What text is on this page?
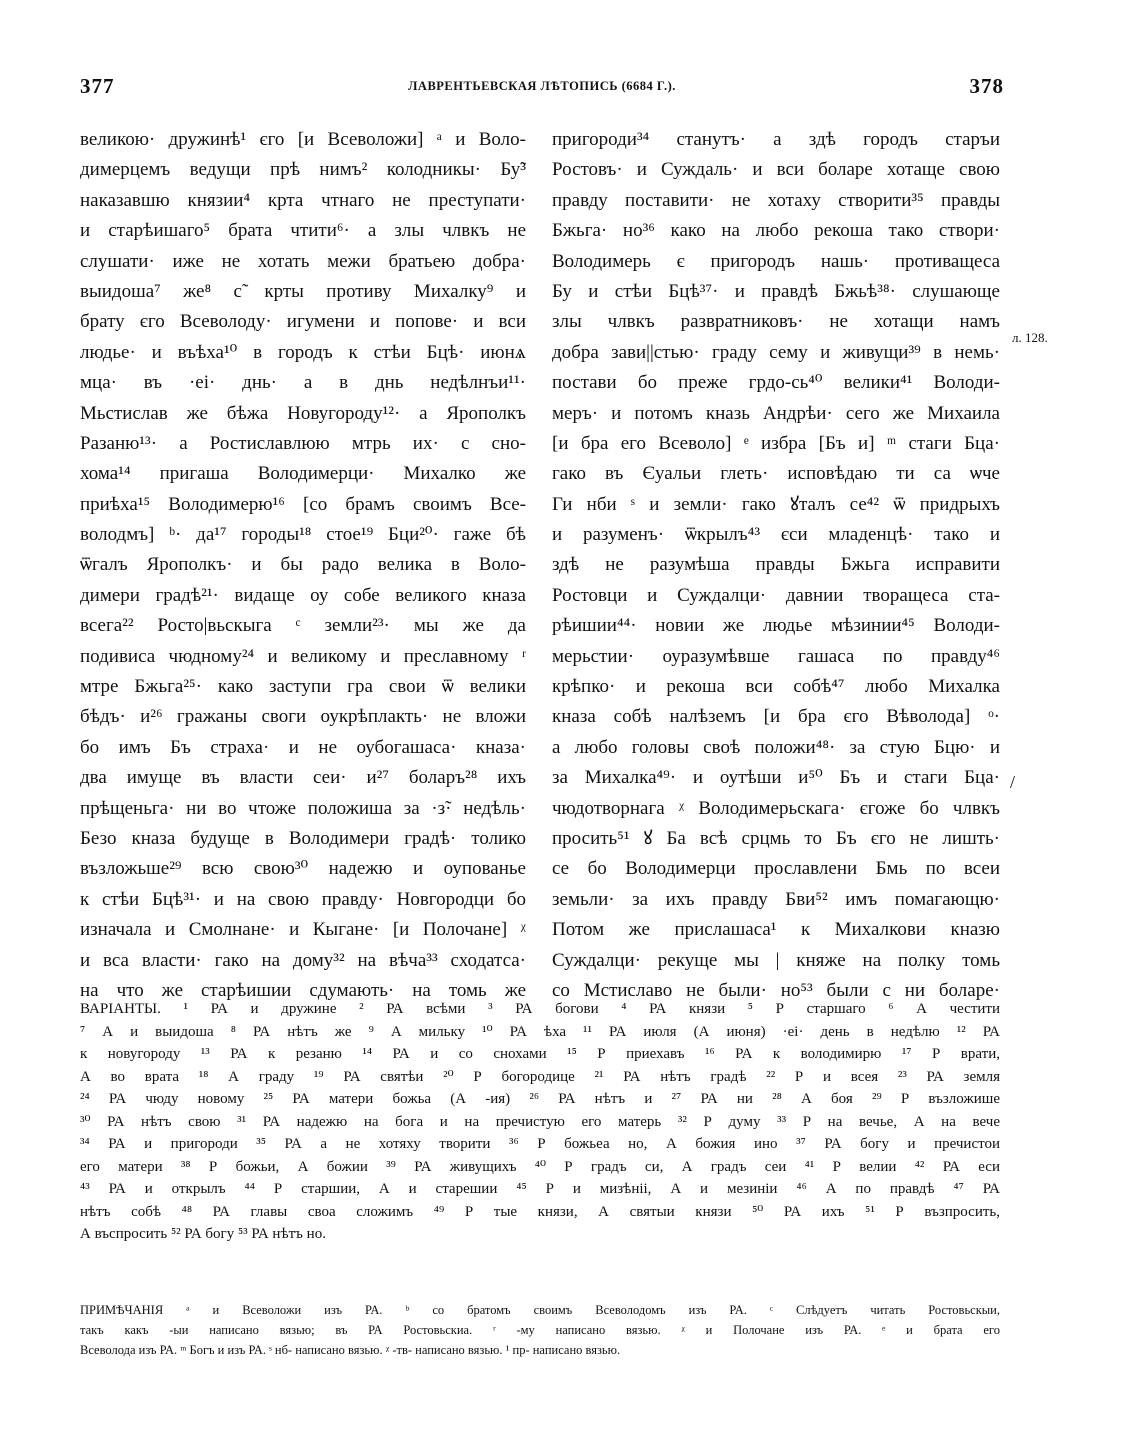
377	ЛАВРЕНТЬЕВСКАЯ ЛѢТОПИСЬ (6684 Г.).	378
великою· дружинѣ¹ єго [и Всеволожи] ᵃ и Воло-
димерцемъ ведущи прѣ нимъ² колодникы· Бу̃³
наказавшю князии⁴ крта чтнаго не преступати·
и старѣишаго⁵ брата чтити⁶· а злы члвкъ не
слушати· иже не хотать межи братьею добра·
выидоша⁷ же⁸ с̃ крты противу Михалку⁹ и
брату єго Всеволоду· игумени и попове· и вси
людье· и въѣха¹⁰ в городъ к стѣи Бцѣ· июнѧ
мца· въ ·еі· днь· а в днь недѣлнъи¹¹·
Мьстислав же бѣжа Новугороду¹²· а Ярополкъ
Разаню¹³· а Ростиславлюю мтрь их· с сно-
хома¹⁴ пригаша Володимерци· Михалко же
приѣха¹⁵ Володимерю¹⁶ [со брамъ своимъ Все-
володмъ] ᵇ· да¹⁷ городы¹⁸ стое¹⁹ Бци²⁰· гаже бѣ
ѿгалъ Ярополкъ· и бы радо велика в Воло-
димери градѣ²¹· видаще оу собе великого кназа
всега²² Росто|вьскыга ᶜ земли²³· мы же да
подивиса чюдному²⁴ и великому и преславному ʳ
мтре Бжьга²⁵· како заступи гра свои ѿ велики
бѣдъ· и²⁶ гражаны своги оукрѣплакть· не вложи
бо имъ Бъ страха· и не оубогашаса· кназа·
два имуще въ власти сеи· и²⁷ боларъ²⁸ ихъ
прѣщеньга· ни во чтоже положиша за ·з̃· недѣль·
Безо кназа будуще в Володимери градѣ· толико
възложьше²⁹ всю свою³⁰ надежю и оупованье
к стѣи Бцѣ³¹· и на свою правду· Новгородци бо
изначала и Смолнане· и Кыгане· [и Полочане] ᵡ
и вса власти· гако на дому³² на вѣча³³ сходатса·
на что же старѣишии сдумають· на томь же
пригороди³⁴ станутъ· а здѣ городъ старъи
Ростовъ· и Суждаль· и вси боларе хотаще свою
правду поставити· не хотаху створити³⁵ правды
Бжьга· но³⁶ како на любо рекоша тако створи·
Володимерь є пригородъ нашь· противащеса
Бу и стѣи Бцѣ³⁷· и правдѣ Бжьѣ³⁸· слушающе
злы члвкъ развратниковъ· не хотащи намъ
добра зави||стью· граду сему и живущи³⁹ в немь·
постави бо преже грдо-сь⁴⁰ велики⁴¹ Володи-
меръ· и потомъ кназь Андрѣи· сего же Михаила
[и бра его Всеволо] ᵉ избра [Бъ и] ᵐ стаги Бца·
гако въ Єуальи глеть· исповѣдаю ти са ѡче
Ги нби ˢ и земли· гако ꙋталъ се⁴² ѿ придрыхъ
и разуменъ· ѿкрылъ⁴³ єси младенцѣ· тако и
здѣ не разумѣша правды Бжьга исправити
Ростовци и Суждалци· давнии творащеса ста-
рѣишии⁴⁴· новии же людье мѣзинии⁴⁵ Володи-
мерьстии· оуразумѣвше гашаса по правду⁴⁶
крѣпко· и рекоша вси собѣ⁴⁷ любо Михалка
кназа собѣ налѣземъ [и бра єго Вѣволода] ᵒ·
а любо головы своѣ положи⁴⁸· за стую Бцю· и
за Михалка⁴⁹· и оутѣши и⁵⁰ Бъ и стаги Бца·
чюдотворнага ᵡ Володимерьскага· єгоже бо члвкъ
просить⁵¹ ꙋ Ба всѣ срцмь то Бъ єго не лишть·
се бо Володимерци прославлени Бмь по всеи
земьли· за ихъ правду Бви⁵² имъ помагающю·
Потом же прислашаса¹ к Михалкови кназю
Суждалци· рекуще мы | княже на полку томь
со Мстиславо не были· но⁵³ были с ни боларе·
л. 128.
/
ВАРІАНТЫ. ¹ РА и дружине ² РА всѣми ³ РА богови ⁴ РА князи ⁵ Р старшаго ⁶ А честити
⁷ А и выидоша ⁸ РА нѣтъ же ⁹ А мильку ¹⁰ РА ѣха ¹¹ РА июля (А июня) ·еі· день в недѣлю ¹² РА
к новугороду ¹³ РА к резаню ¹⁴ РА и со снохами ¹⁵ Р приехавъ ¹⁶ РА к володимирю ¹⁷ Р врати,
А во врата ¹⁸ А граду ¹⁹ РА святѣи ²⁰ Р богородице ²¹ РА нѣтъ градѣ ²² Р и всея ²³ РА земля
²⁴ РА чюду новому ²⁵ РА матери божьа (А -ия) ²⁶ РА нѣтъ и ²⁷ РА ни ²⁸ А боя ²⁹ Р възложише
³⁰ РА нѣтъ свою ³¹ РА надежю на бога и на пречистую его матерь ³² Р думу ³³ Р на вечье, А на вече
³⁴ РА и пригороди ³⁵ РА а не хотяху творити ³⁶ Р божьеа но, А божия ино ³⁷ РА богу и пречистои
его матери ³⁸ Р божьи, А божии ³⁹ РА живущихъ ⁴⁰ Р градъ си, А градъ сеи ⁴¹ Р велии ⁴² РА еси
⁴³ РА и открылъ ⁴⁴ Р старшии, А и старешии ⁴⁵ Р и мизѣнiі, А и мезинiи ⁴⁶ А по правдѣ ⁴⁷ РА
нѣтъ собѣ ⁴⁸ РА главы своа сложимъ ⁴⁹ Р тые князи, А святыи князи ⁵⁰ РА ихъ ⁵¹ Р възпросить,
А въспросить ⁵² РА богу ⁵³ РА нѣтъ но.
ПРИМѢЧАНІЯ ᵃ и Всеволожи изъ РА. ᵇ со братомъ своимъ Всеволодомъ изъ РА. ᶜ Слѣдуетъ читать Ростовьскыи,
такъ какъ -ыи написано вязью; въ РА Ростовьскиа. ʳ -му написано вязью. ᵡ и Полочане изъ РА. ᵉ и брата его
Всеволода изъ РА. ᵐ Богъ и изъ РА. ˢ нб- написано вязью. ᵡ -тв- написано вязью. ¹ пр- написано вязью.
